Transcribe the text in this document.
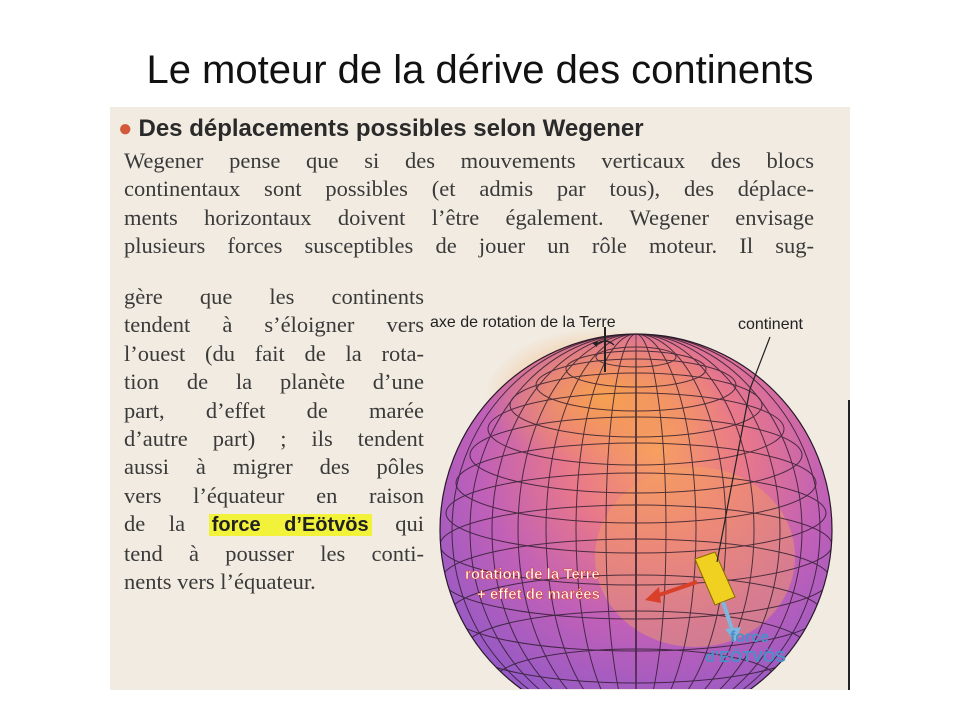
Le moteur de la dérive des continents
● Des déplacements possibles selon Wegener
Wegener pense que si des mouvements verticaux des blocs
continentaux sont possibles (et admis par tous), des déplace-
ments horizontaux doivent l’être également. Wegener envisage
plusieurs forces susceptibles de jouer un rôle moteur. Il sug-
gère que les continents
tendent à s’éloigner vers
l’ouest (du fait de la rota-
tion de la planète d’une
part, d’effet de marée
d’autre part) ; ils tendent
aussi à migrer des pôles
vers l’équateur en raison
de la force d’Eötvös qui
tend à pousser les conti-
nents vers l’équateur.
axe de rotation de la Terre	continent
rotation de la Terre
+ effet de marées
force
d’EÖTVÖS
